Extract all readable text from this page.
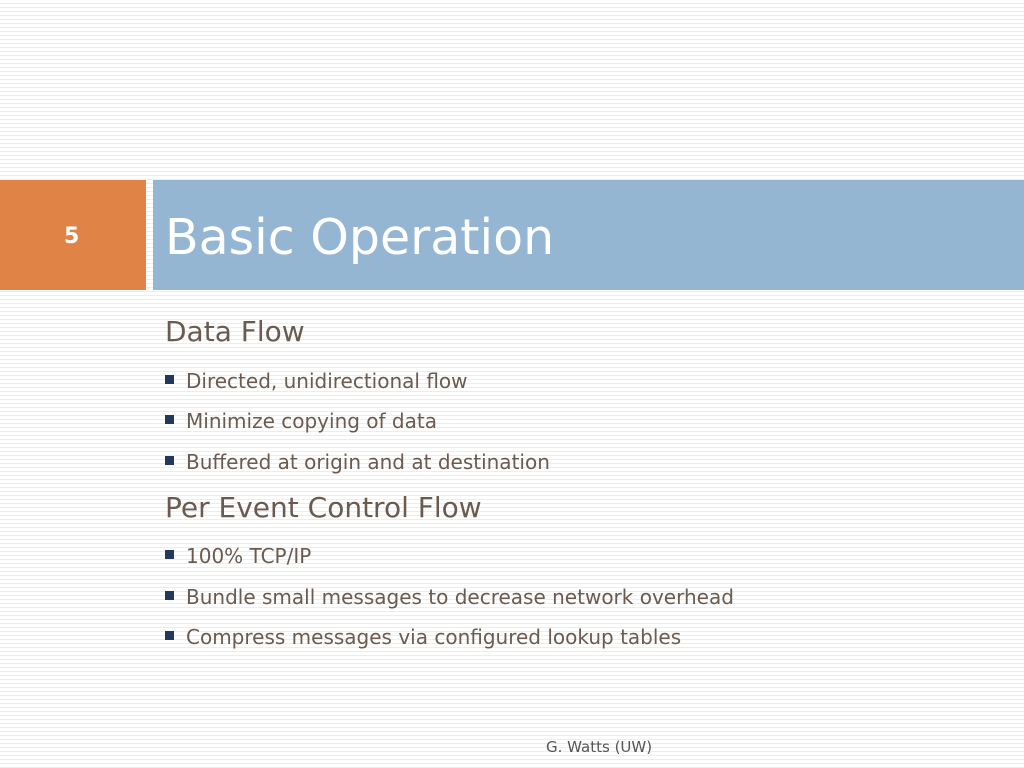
5 Basic Operation
Data Flow
Directed, unidirectional flow
Minimize copying of data
Buffered at origin and at destination
Per Event Control Flow
100% TCP/IP
Bundle small messages to decrease network overhead
Compress messages via configured lookup tables
G. Watts (UW)
